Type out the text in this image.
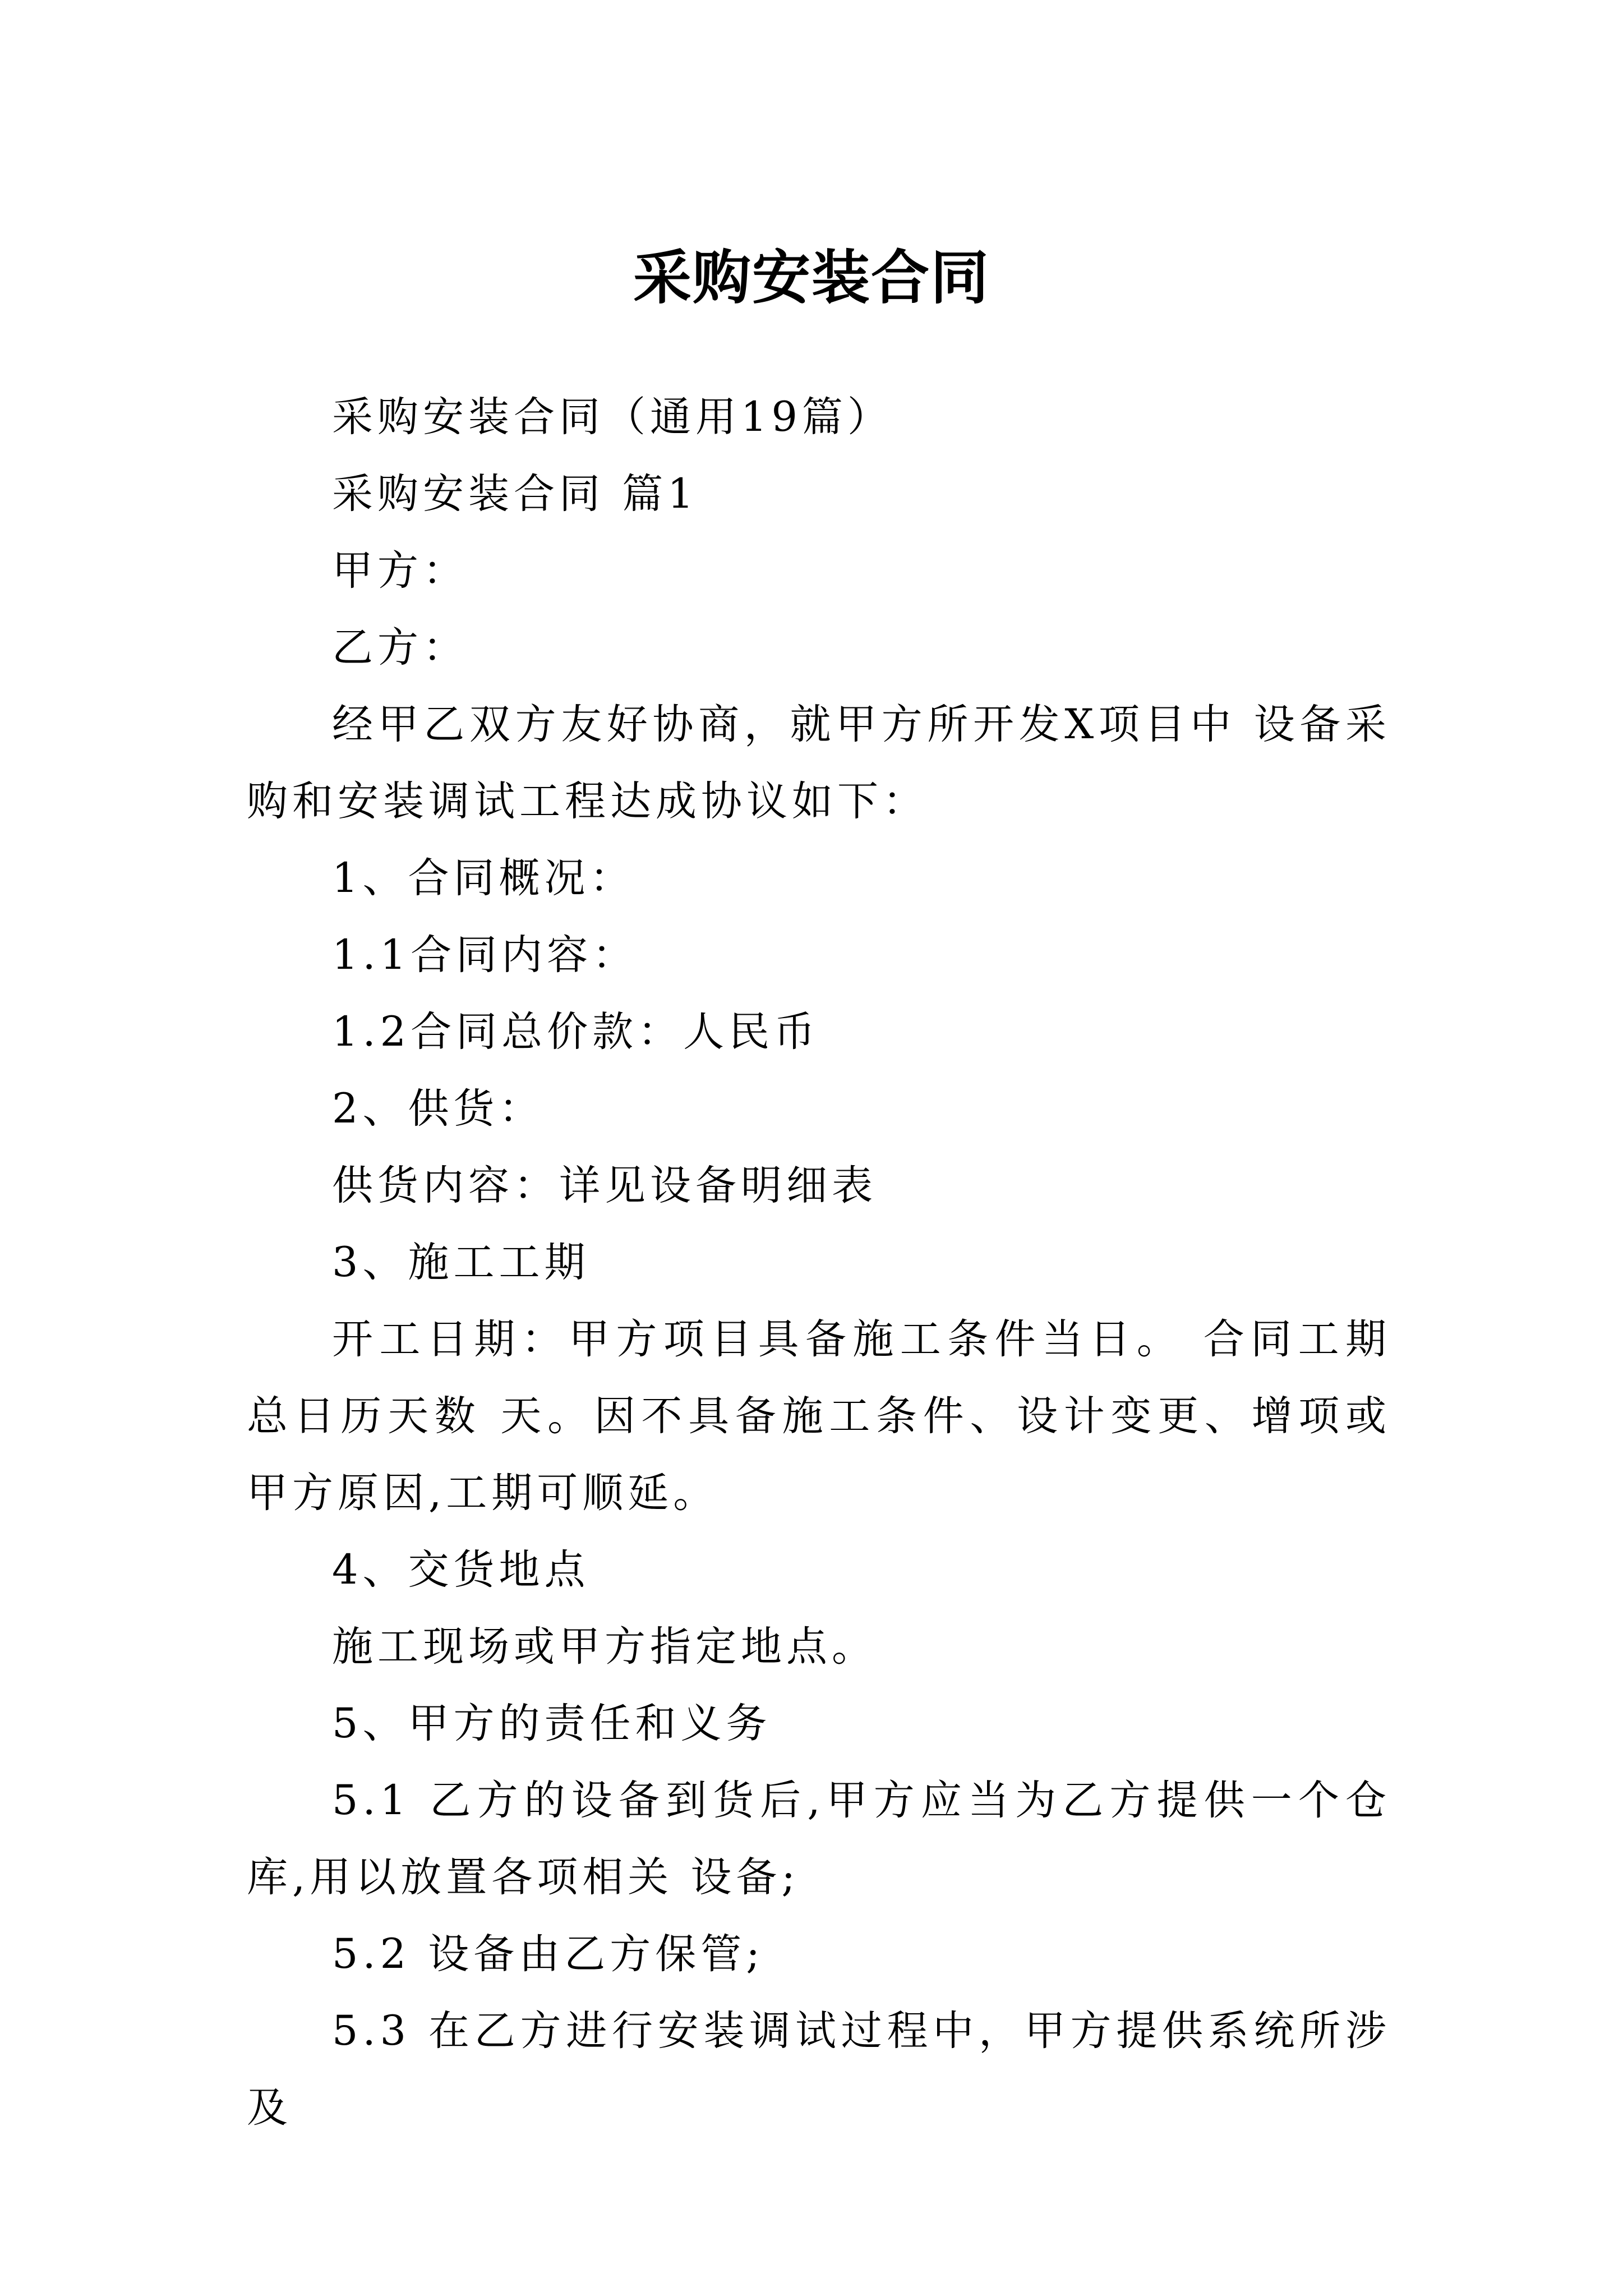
采购安装合同

采购安装合同（通用19篇）

采购安装合同 篇1

甲方：

乙方：

经甲乙双方友好协商，就甲方所开发X项目中 设备采购和安装调试工程达成协议如下：

1、合同概况：

1.1合同内容：

1.2合同总价款：人民币

2、供货：

供货内容：详见设备明细表

3、施工工期

开工日期：甲方项目具备施工条件当日。 合同工期总日历天数 天。因不具备施工条件、设计变更、增项或甲方原因,工期可顺延。

4、交货地点

施工现场或甲方指定地点。

5、甲方的责任和义务

5.1 乙方的设备到货后,甲方应当为乙方提供一个仓库,用以放置各项相关 设备;

5.2 设备由乙方保管;

5.3 在乙方进行安装调试过程中，甲方提供系统所涉及
